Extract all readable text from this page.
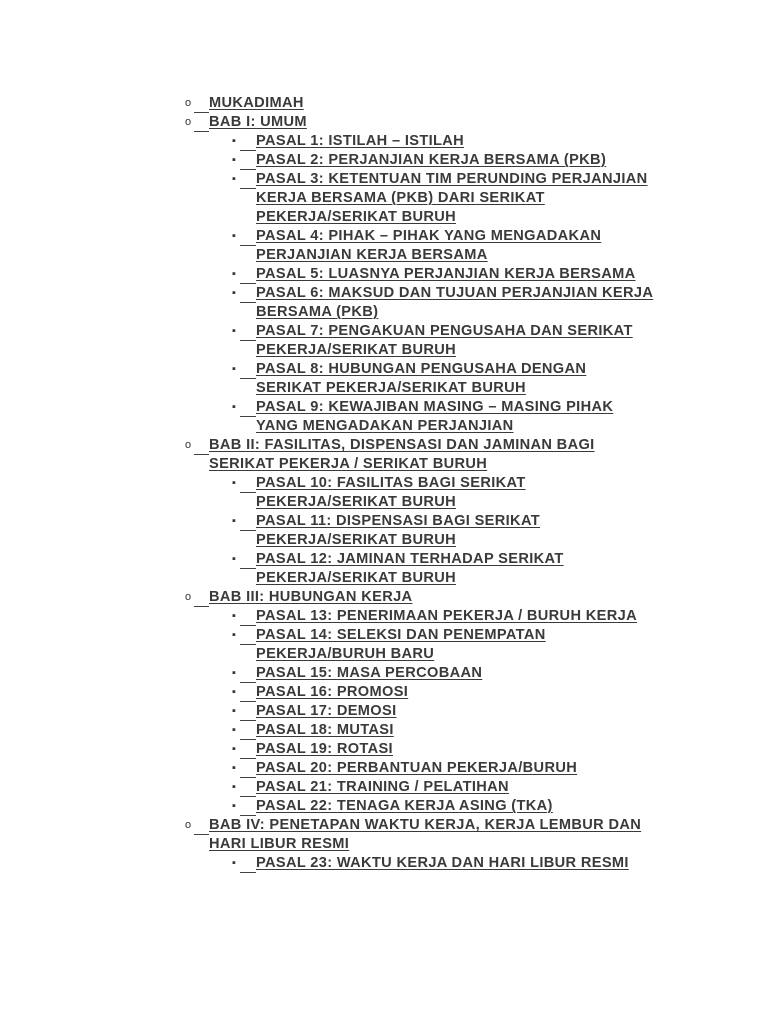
o MUKADIMAH
o BAB I: UMUM
▪ PASAL 1: ISTILAH – ISTILAH
▪ PASAL 2: PERJANJIAN KERJA BERSAMA (PKB)
▪ PASAL 3: KETENTUAN TIM PERUNDING PERJANJIAN KERJA BERSAMA (PKB) DARI SERIKAT PEKERJA/SERIKAT BURUH
▪ PASAL 4: PIHAK – PIHAK YANG MENGADAKAN PERJANJIAN KERJA BERSAMA
▪ PASAL 5: LUASNYA PERJANJIAN KERJA BERSAMA
▪ PASAL 6: MAKSUD DAN TUJUAN PERJANJIAN KERJA BERSAMA (PKB)
▪ PASAL 7: PENGAKUAN PENGUSAHA DAN SERIKAT PEKERJA/SERIKAT BURUH
▪ PASAL 8: HUBUNGAN PENGUSAHA DENGAN SERIKAT PEKERJA/SERIKAT BURUH
▪ PASAL 9: KEWAJIBAN MASING – MASING PIHAK YANG MENGADAKAN PERJANJIAN
o BAB II: FASILITAS, DISPENSASI DAN JAMINAN BAGI SERIKAT PEKERJA / SERIKAT BURUH
▪ PASAL 10: FASILITAS BAGI SERIKAT PEKERJA/SERIKAT BURUH
▪ PASAL 11: DISPENSASI BAGI SERIKAT PEKERJA/SERIKAT BURUH
▪ PASAL 12: JAMINAN TERHADAP SERIKAT PEKERJA/SERIKAT BURUH
o BAB III: HUBUNGAN KERJA
▪ PASAL 13: PENERIMAAN PEKERJA / BURUH KERJA
▪ PASAL 14: SELEKSI DAN PENEMPATAN PEKERJA/BURUH BARU
▪ PASAL 15: MASA PERCOBAAN
▪ PASAL 16: PROMOSI
▪ PASAL 17: DEMOSI
▪ PASAL 18: MUTASI
▪ PASAL 19: ROTASI
▪ PASAL 20: PERBANTUAN PEKERJA/BURUH
▪ PASAL 21: TRAINING / PELATIHAN
▪ PASAL 22: TENAGA KERJA ASING (TKA)
o BAB IV: PENETAPAN WAKTU KERJA, KERJA LEMBUR DAN HARI LIBUR RESMI
▪ PASAL 23: WAKTU KERJA DAN HARI LIBUR RESMI
